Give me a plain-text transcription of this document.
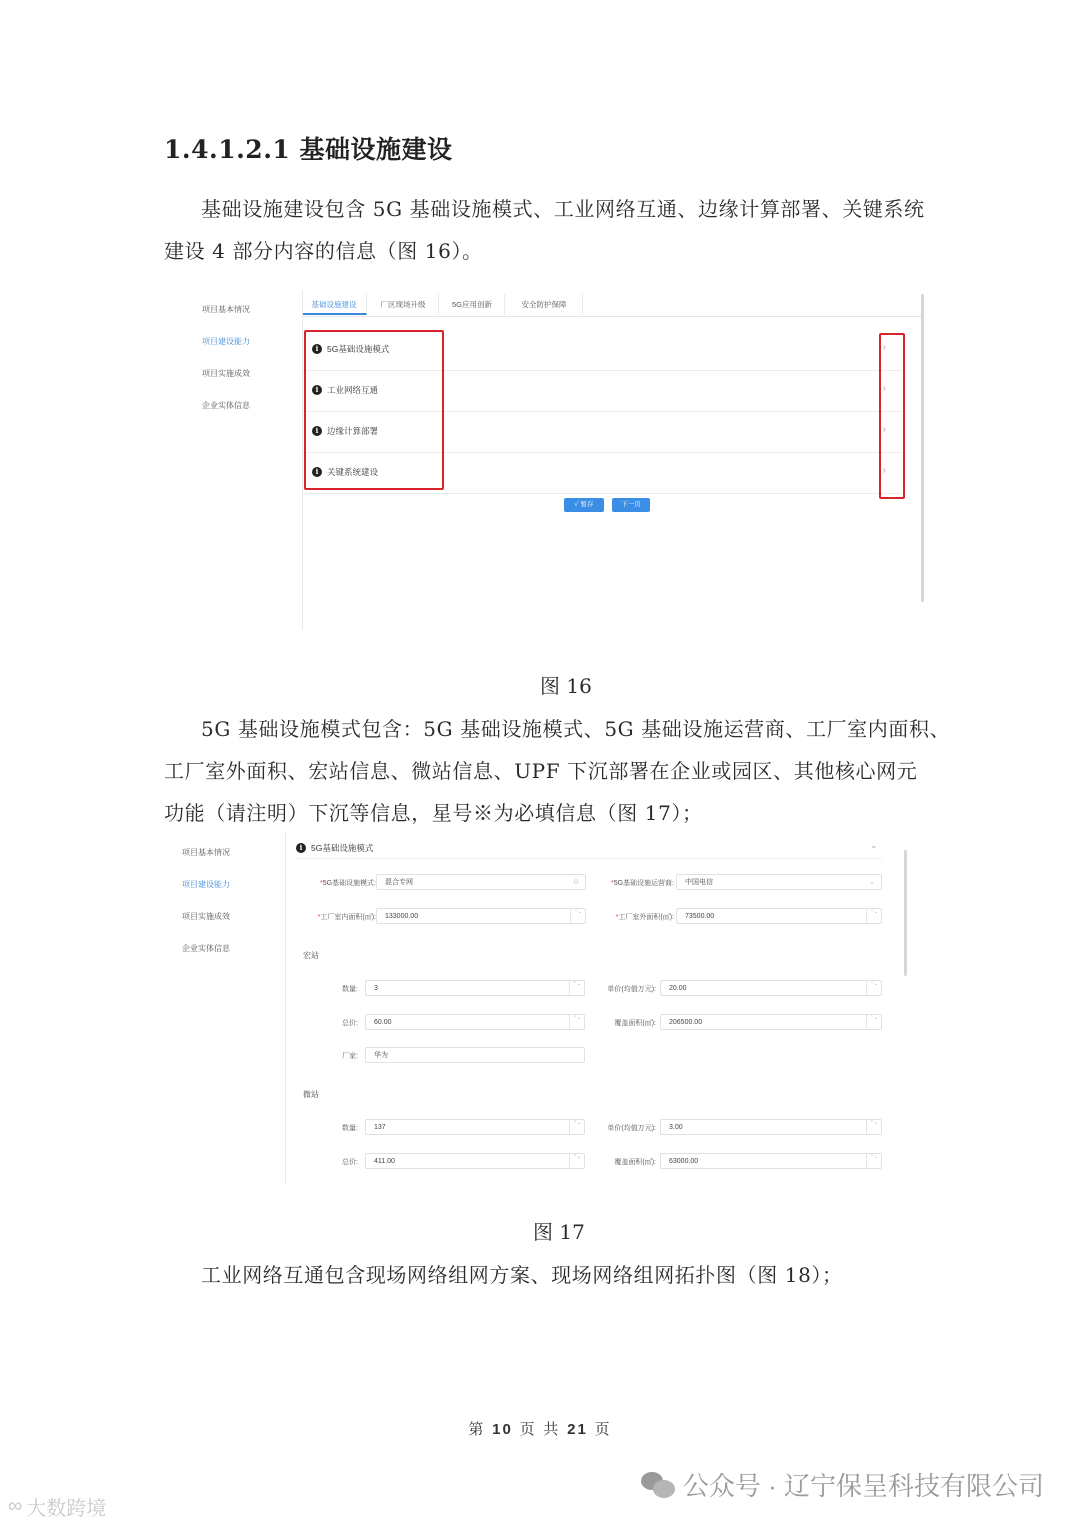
1.4.1.2.1 基础设施建设
基础设施建设包含 5G 基础设施模式、工业网络互通、边缘计算部署、关键系统
建设 4 部分内容的信息（图 16）。
项目基本情况
项目建设能力
项目实施成效
企业实体信息
基础设施建设	厂区现场升级	5G应用创新	安全防护保障
i	5G基础设施模式	›
i	工业网络互通	›
i	边缘计算部署	›
i	关键系统建设	›
✓ 暂存	下一页
图 16
5G 基础设施模式包含：5G 基础设施模式、5G 基础设施运营商、工厂室内面积、
工厂室外面积、宏站信息、微站信息、UPF 下沉部署在企业或园区、其他核心网元
功能（请注明）下沉等信息，星号※为必填信息（图 17）；
项目基本情况
项目建设能力
项目实施成效
企业实体信息
i	5G基础设施模式	⌄
*5G基础设施模式:	混合专网	⊙	*5G基础设施运营商:	中国电信	⌄
*工厂室内面积(㎡):	133000.00
⌃⌄
*工厂室外面积(㎡):	73500.00
⌃⌄
宏站
数量:	3
⌃⌄
单价(均值万元):	20.00
⌃⌄
总价:	60.00
⌃⌄
覆盖面积(㎡):	206500.00
⌃⌄
厂家:	华为
微站
数量:	137
⌃⌄
单价(均值万元):	3.00
⌃⌄
总价:	411.00
⌃⌄
覆盖面积(㎡):	63000.00
⌃⌄
图 17
工业网络互通包含现场网络组网方案、现场网络组网拓扑图（图 18）；
第 10 页 共 21 页
公众号 · 辽宁保呈科技有限公司
∞ 大数跨境
